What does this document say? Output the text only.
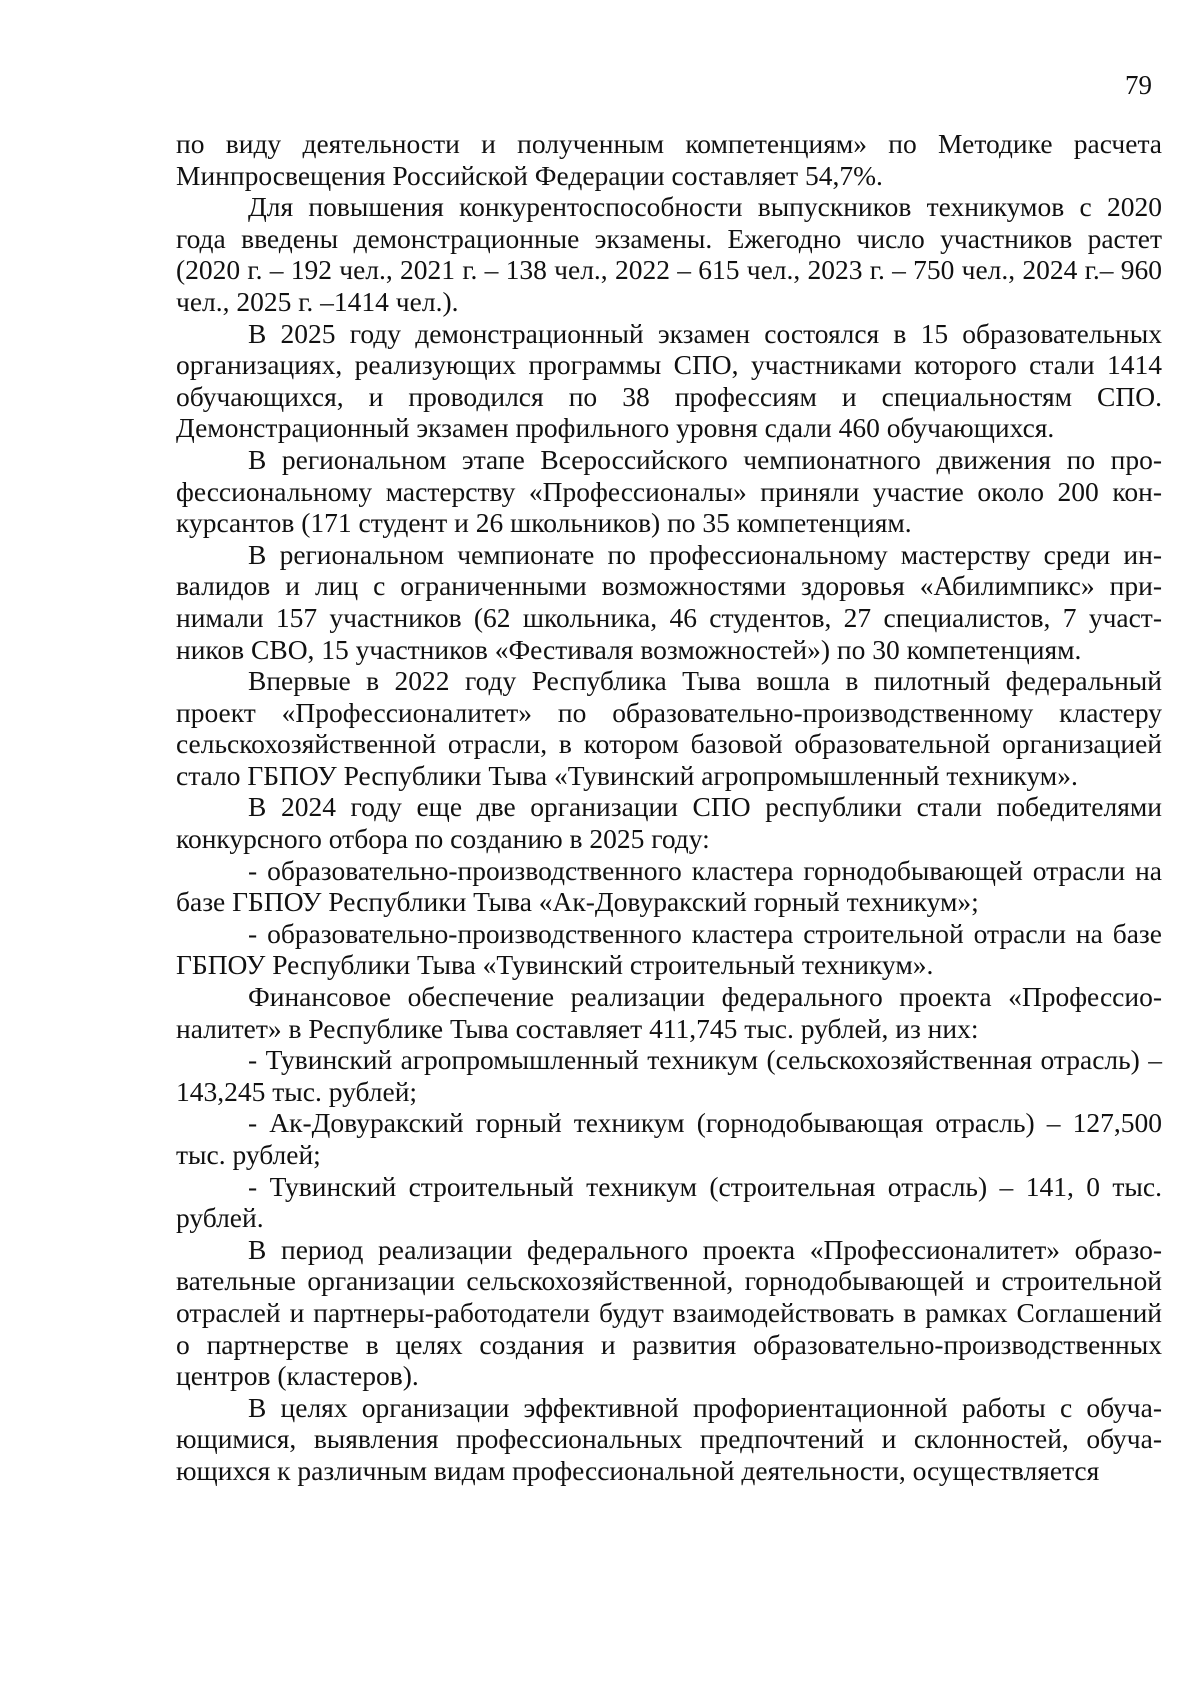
79

по виду деятельности и полученным компетенциям» по Методике расчета Минпросвещения Российской Федерации составляет 54,7%.

Для повышения конкурентоспособности выпускников техникумов с 2020 года введены демонстрационные экзамены. Ежегодно число участников растет (2020 г. – 192 чел., 2021 г. – 138 чел., 2022 – 615 чел., 2023 г. – 750 чел., 2024 г.– 960 чел., 2025 г. –1414 чел.).

В 2025 году демонстрационный экзамен состоялся в 15 образовательных организациях, реализующих программы СПО, участниками которого стали 1414 обучающихся, и проводился по 38 профессиям и специальностям СПО. Демонстрационный экзамен профильного уровня сдали 460 обучающихся.

В региональном этапе Всероссийского чемпионатного движения по профессиональному мастерству «Профессионалы» приняли участие около 200 конкурсантов (171 студент и 26 школьников) по 35 компетенциям.

В региональном чемпионате по профессиональному мастерству среди инвалидов и лиц с ограниченными возможностями здоровья «Абилимпикс» принимали 157 участников (62 школьника, 46 студентов, 27 специалистов, 7 участников СВО, 15 участников «Фестиваля возможностей») по 30 компетенциям.

Впервые в 2022 году Республика Тыва вошла в пилотный федеральный проект «Профессионалитет» по образовательно-производственному кластеру сельскохозяйственной отрасли, в котором базовой образовательной организацией стало ГБПОУ Республики Тыва «Тувинский агропромышленный техникум».

В 2024 году еще две организации СПО республики стали победителями конкурсного отбора по созданию в 2025 году:

- образовательно-производственного кластера горнодобывающей отрасли на базе ГБПОУ Республики Тыва «Ак-Довуракский горный техникум»;

- образовательно-производственного кластера строительной отрасли на базе ГБПОУ Республики Тыва «Тувинский строительный техникум».

Финансовое обеспечение реализации федерального проекта «Профессионалитет» в Республике Тыва составляет 411,745 тыс. рублей, из них:

- Тувинский агропромышленный техникум (сельскохозяйственная отрасль) – 143,245 тыс. рублей;

- Ак-Довуракский горный техникум (горнодобывающая отрасль) – 127,500 тыс. рублей;

- Тувинский строительный техникум (строительная отрасль) – 141, 0 тыс. рублей.

В период реализации федерального проекта «Профессионалитет» образовательные организации сельскохозяйственной, горнодобывающей и строительной отраслей и партнеры-работодатели будут взаимодействовать в рамках Соглашений о партнерстве в целях создания и развития образовательно-производственных центров (кластеров).

В целях организации эффективной профориентационной работы с обучающимися, выявления профессиональных предпочтений и склонностей, обучающихся к различным видам профессиональной деятельности, осуществляется
